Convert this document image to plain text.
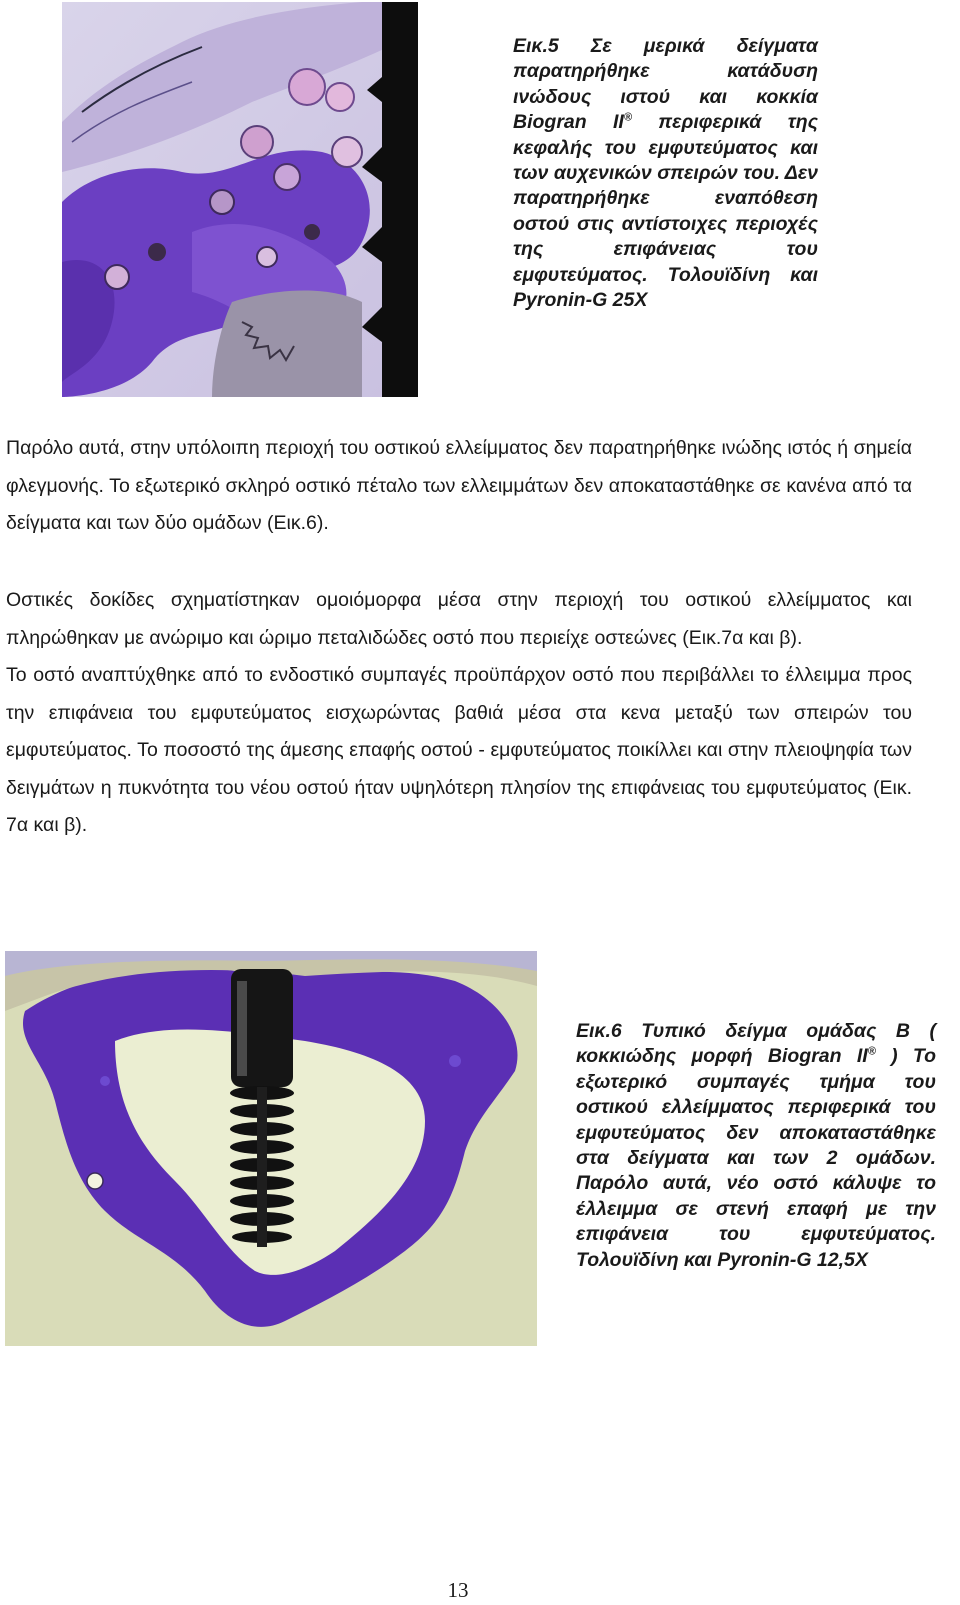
Εικ.5 Σε μερικά δείγματα παρατηρήθηκε κατάδυση ινώδους ιστού και κοκκία Biogran II® περιφερικά της κεφαλής του εμφυτεύματος και των αυχενικών σπειρών του. Δεν παρατηρήθηκε εναπόθεση οστού στις αντίστοιχες περιοχές της επιφάνειας του εμφυτεύματος. Τολουϊδίνη και Pyronin-G 25X
Παρόλο αυτά, στην υπόλοιπη περιοχή του οστικού ελλείμματος δεν παρατηρήθηκε ινώδης ιστός ή σημεία φλεγμονής. Το εξωτερικό σκληρό οστικό πέταλο των ελλειμμάτων δεν αποκαταστάθηκε σε κανένα από τα δείγματα και των δύο ομάδων (Εικ.6).

Οστικές δοκίδες σχηματίστηκαν ομοιόμορφα μέσα στην περιοχή του οστικού ελλείμματος και πληρώθηκαν με ανώριμο και ώριμο πεταλιδώδες οστό που περιείχε οστεώνες (Εικ.7α και β).

Το οστό αναπτύχθηκε από το ενδοστικό συμπαγές προϋπάρχον οστό που περιβάλλει το έλλειμμα προς την επιφάνεια του εμφυτεύματος εισχωρώντας βαθιά μέσα στα κενα μεταξύ των σπειρών του εμφυτεύματος. Το ποσοστό της άμεσης επαφής οστού - εμφυτεύματος ποικίλλει και στην πλειοψηφία των δειγμάτων η πυκνότητα του νέου οστού ήταν υψηλότερη πλησίον της επιφάνειας του εμφυτεύματος (Εικ. 7α και β).

Εικ.6 Τυπικό δείγμα ομάδας Β ( κοκκιώδης μορφή Biogran II® ) Το εξωτερικό συμπαγές τμήμα του οστικού ελλείμματος περιφερικά του εμφυτεύματος δεν αποκαταστάθηκε στα δείγματα και των 2 ομάδων. Παρόλο αυτά, νέο οστό κάλυψε το έλλειμμα σε στενή επαφή με την επιφάνεια του εμφυτεύματος. Τολουϊδίνη και Pyronin-G 12,5X
13
